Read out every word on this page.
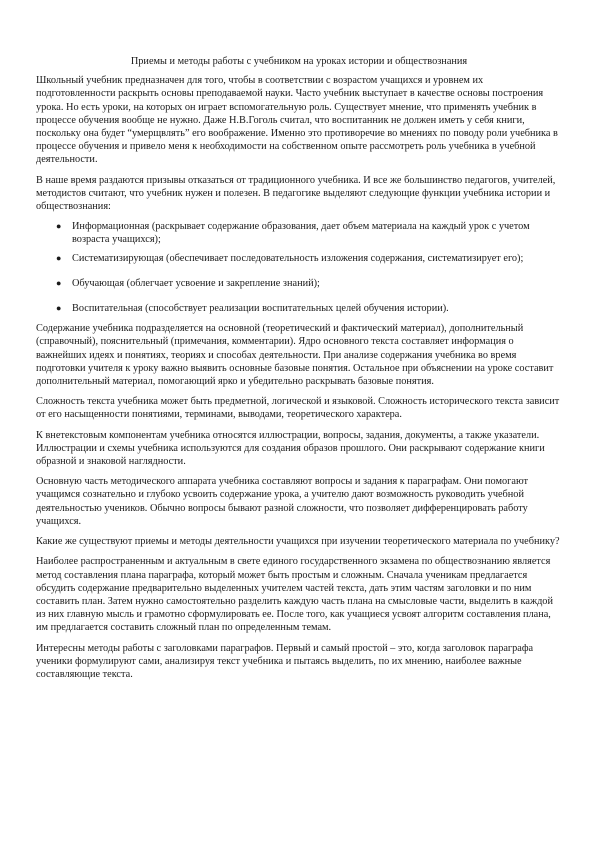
Приемы и методы работы с учебником на уроках истории и обществознания

Школьный учебник предназначен для того, чтобы в соответствии с возрастом учащихся и уровнем их подготовленности раскрыть основы преподаваемой науки. Часто учебник выступает в качестве основы построения урока. Но есть уроки, на которых он играет вспомогательную роль. Существует мнение, что применять учебник в процессе обучения вообще не нужно. Даже Н.В.Гоголь считал, что воспитанник не должен иметь у себя книги, поскольку она будет “умерщвлять” его воображение. Именно это противоречие во мнениях по поводу роли учебника в процессе обучения и привело меня к необходимости на собственном опыте рассмотреть роль учебника в учебной деятельности.

В наше время раздаются призывы отказаться от традиционного учебника. И все же большинство педагогов, учителей, методистов считают, что учебник нужен и полезен. В педагогике выделяют следующие функции учебника истории и обществознания:

● Информационная (раскрывает содержание образования, дает объем материала на каждый урок с учетом возраста учащихся);
● Систематизирующая (обеспечивает последовательность изложения содержания, систематизирует его);
● Обучающая (облегчает усвоение и закрепление знаний);
● Воспитательная (способствует реализации воспитательных целей обучения истории).

Содержание учебника подразделяется на основной (теоретический и фактический материал), дополнительный (справочный), пояснительный (примечания, комментарии). Ядро основного текста составляет информация о важнейших идеях и понятиях, теориях и способах деятельности. При анализе содержания учебника во время подготовки учителя к уроку важно выявить основные базовые понятия. Остальное при объяснении на уроке составит дополнительный материал, помогающий ярко и убедительно раскрывать базовые понятия.

Сложность текста учебника может быть предметной, логической и языковой. Сложность исторического текста зависит от его насыщенности понятиями, терминами, выводами, теоретического характера.

К внетекстовым компонентам учебника относятся иллюстрации, вопросы, задания, документы, а также указатели. Иллюстрации и схемы учебника используются для создания образов прошлого. Они раскрывают содержание книги образной и знаковой наглядности.

Основную часть методического аппарата учебника составляют вопросы и задания к параграфам. Они помогают учащимся сознательно и глубоко усвоить содержание урока, а учителю дают возможность руководить учебной деятельностью учеников. Обычно вопросы бывают разной сложности, что позволяет дифференцировать работу учащихся.

Какие же существуют приемы и методы деятельности учащихся при изучении теоретического материала по учебнику?

Наиболее распространенным и актуальным в свете единого государственного экзамена по обществознанию является метод составления плана параграфа, который может быть простым и сложным. Сначала ученикам предлагается обсудить содержание предварительно выделенных учителем частей текста, дать этим частям заголовки и по ним составить план. Затем нужно самостоятельно разделить каждую часть плана на смысловые части, выделить в каждой из них главную мысль и грамотно сформулировать ее. После того, как учащиеся усвоят алгоритм составления плана, им предлагается составить сложный план по определенным темам.

Интересны методы работы с заголовками параграфов. Первый и самый простой – это, когда заголовок параграфа ученики формулируют сами, анализируя текст учебника и пытаясь выделить, по их мнению, наиболее важные составляющие текста.
